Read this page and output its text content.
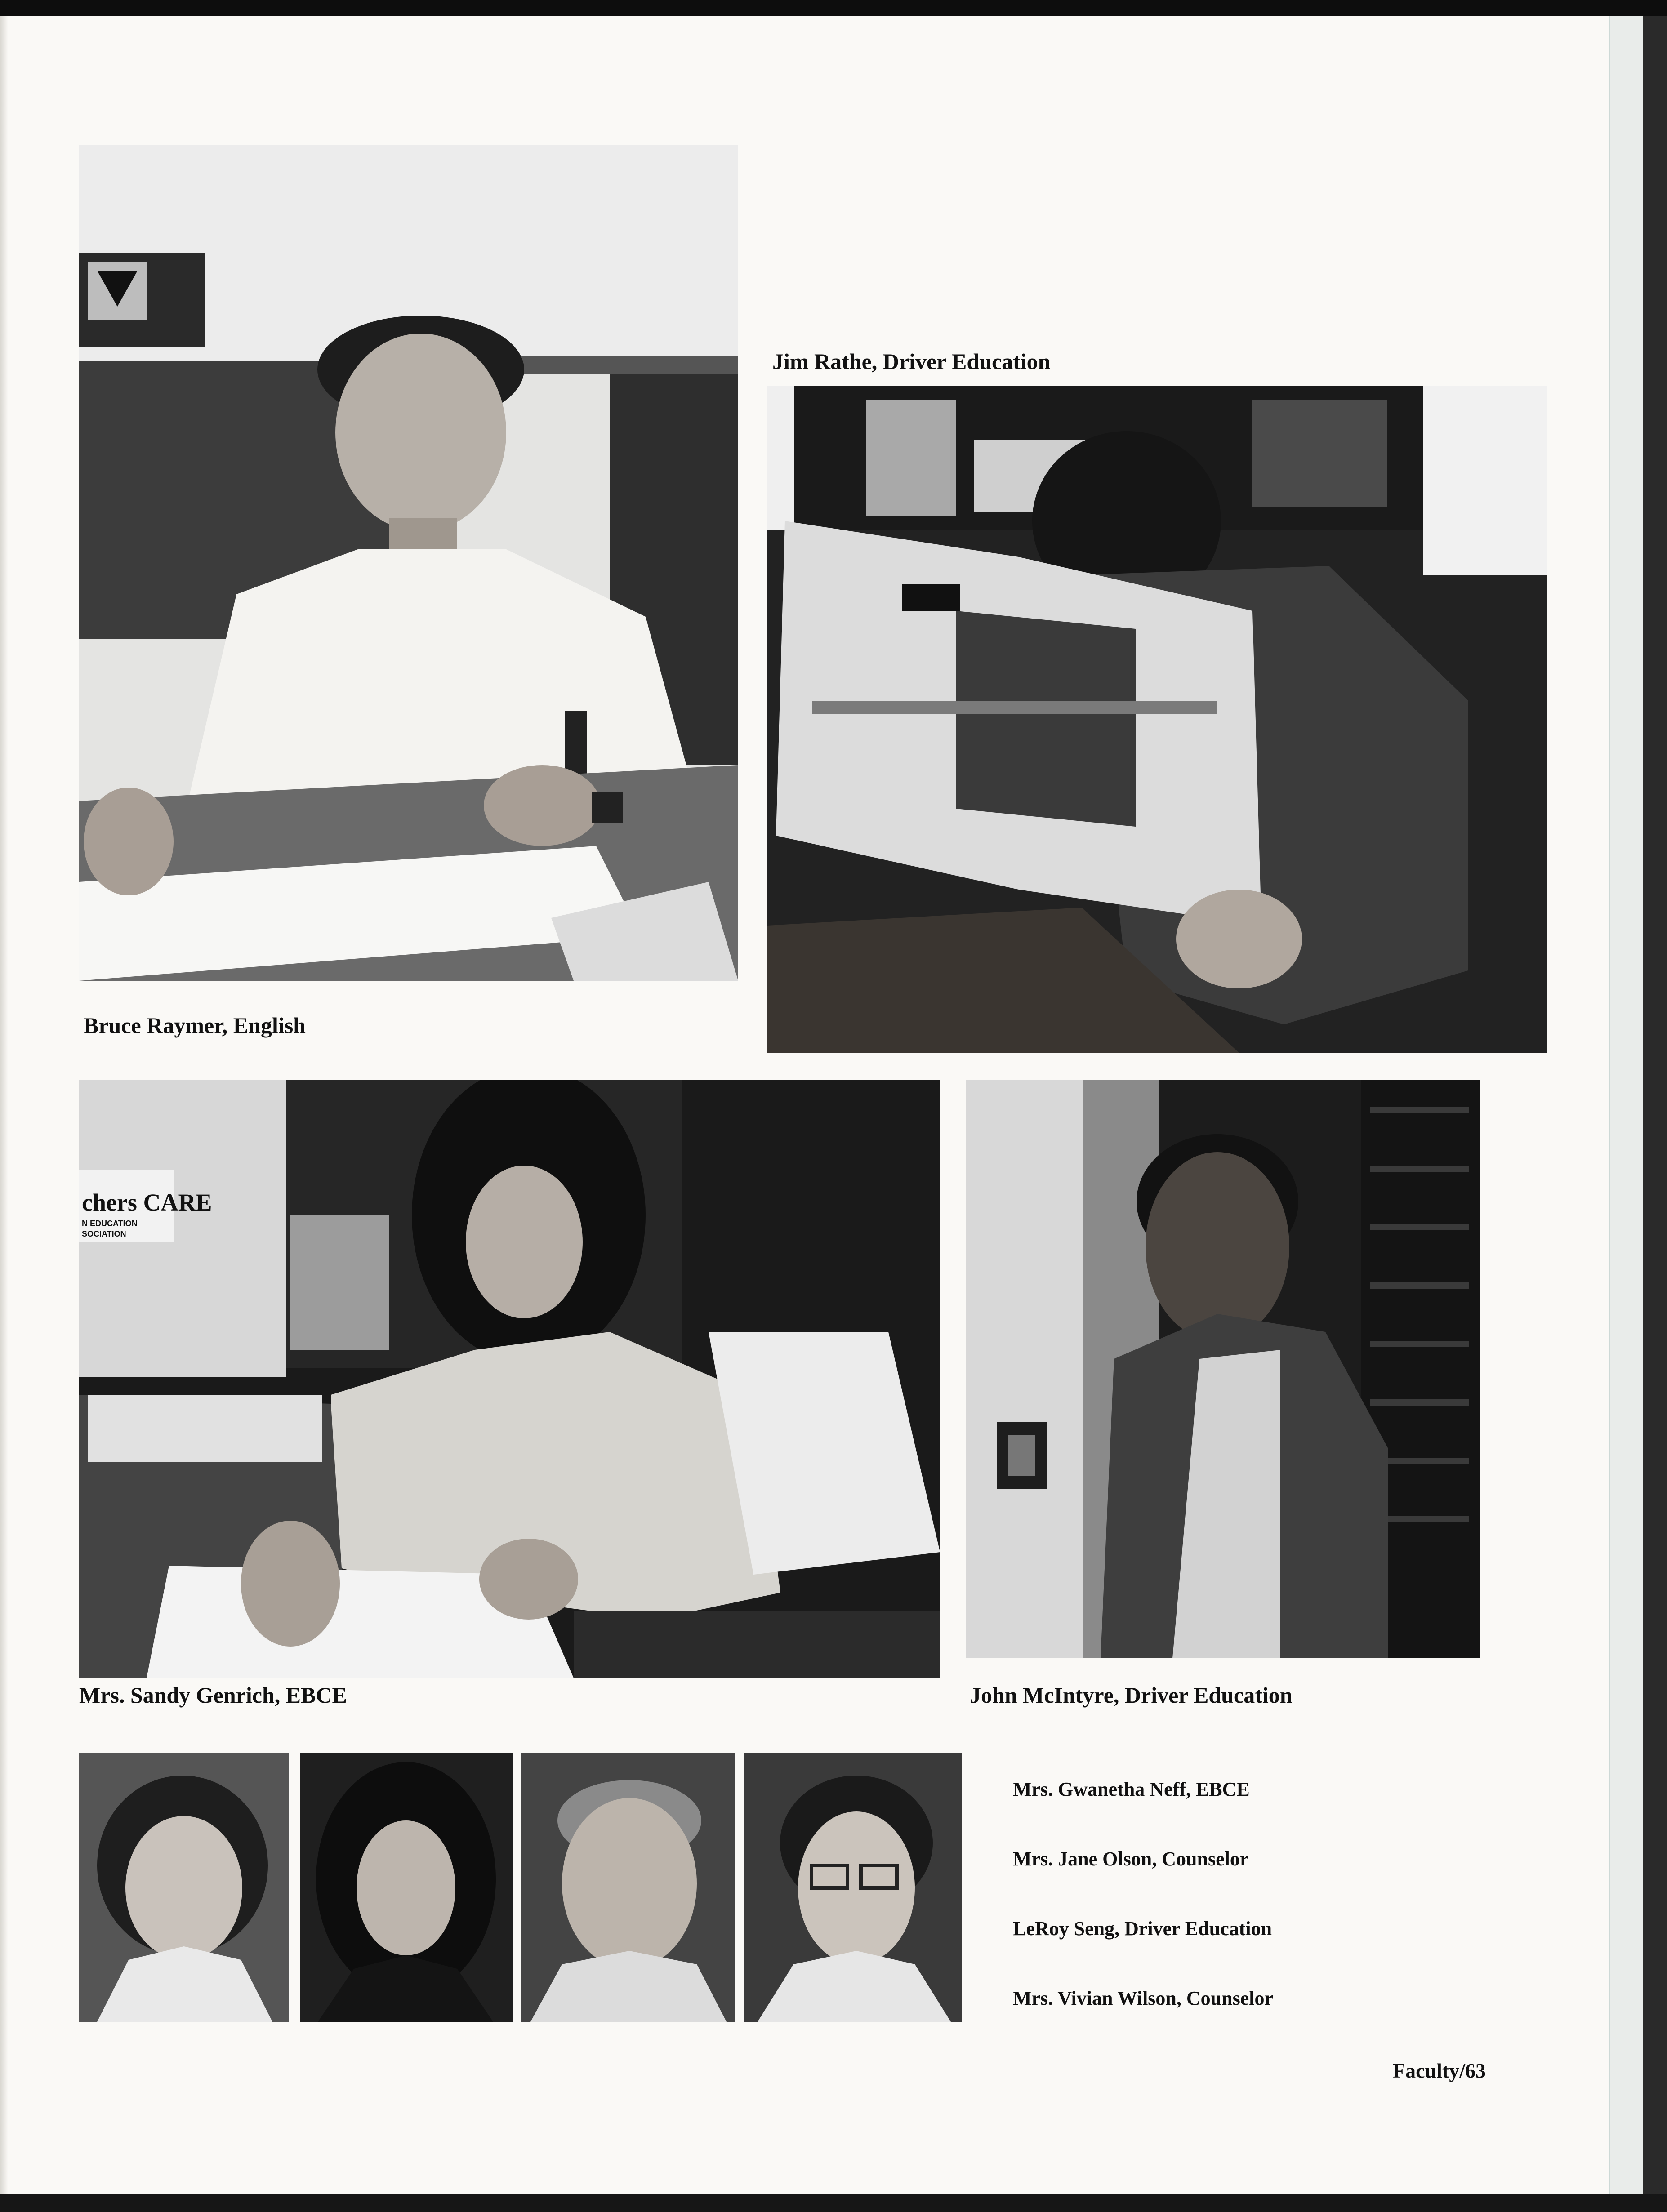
Jim Rathe, Driver Education
Bruce Raymer, English
chers CARE
N EDUCATION
SOCIATION
Mrs. Sandy Genrich, EBCE	John McIntyre, Driver Education
Mrs. Gwanetha Neff, EBCE
Mrs. Jane Olson, Counselor
LeRoy Seng, Driver Education
Mrs. Vivian Wilson, Counselor
Faculty/63
